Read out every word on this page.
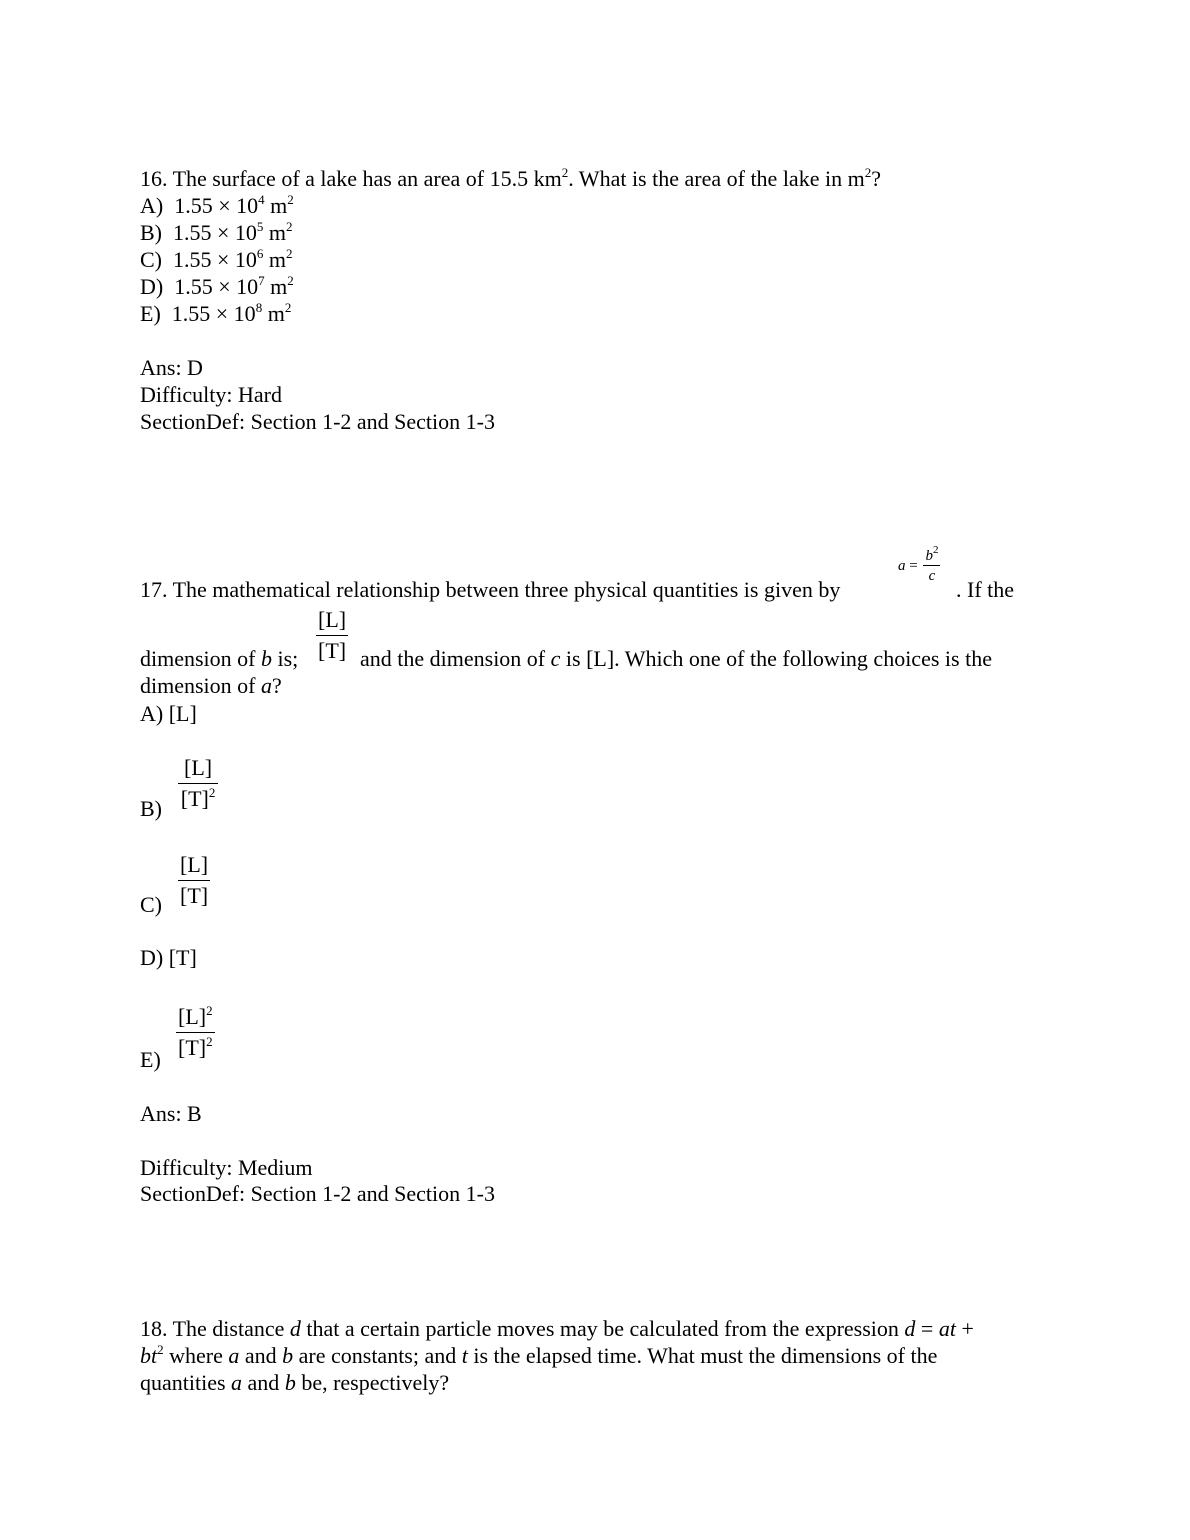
16. The surface of a lake has an area of 15.5 $km^2$. What is the area of the lake in $m^2$?
A) $1.55 \times 10^4$ $m^2$
B) $1.55 \times 10^5$ $m^2$
C) $1.55 \times 10^6$ $m^2$
D) $1.55 \times 10^7$ $m^2$
E) $1.55 \times 10^8$ $m^2$
Ans: D
Difficulty: Hard
SectionDef: Section 1-2 and Section 1-3
17. The mathematical relationship between three physical quantities is given by
$a = \frac{b^2}{c}$
. If the
$\frac{[L]}{[T]}$
dimension of b is;	and the dimension of c is [L]. Which one of the following choices is the
dimension of a?
A) [L]
$\frac{[L]}{[T]^2}$
B)
$\frac{[L]}{[T]}$
C)
D) [T]
$\frac{[L]^2}{[T]^2}$
E)
Ans: B
Difficulty: Medium
SectionDef: Section 1-2 and Section 1-3
18. The distance d that a certain particle moves may be calculated from the expression d = at +
$bt^2$ where a and b are constants; and t is the elapsed time. What must the dimensions of the
quantities a and b be, respectively?
